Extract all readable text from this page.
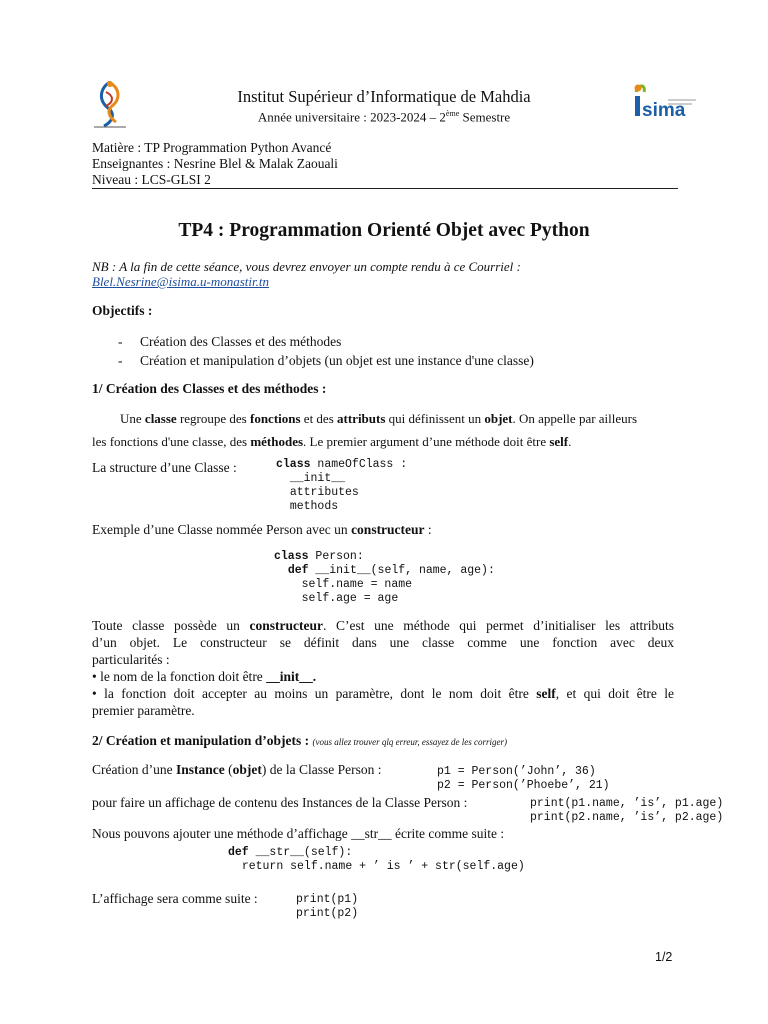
sima
Institut Supérieur d’Informatique de Mahdia
Année universitaire : 2023-2024 – 2ème Semestre
Matière : TP Programmation Python Avancé
Enseignantes : Nesrine Blel & Malak Zaouali
Niveau : LCS-GLSI 2
TP4 : Programmation Orienté Objet avec Python
NB : A la fin de cette séance, vous devrez envoyer un compte rendu à ce Courriel :
Blel.Nesrine@isima.u-monastir.tn
Objectifs :
- Création des Classes et des méthodes
- Création et manipulation d’objets (un objet est une instance d'une classe)
1/ Création des Classes et des méthodes :
Une classe regroupe des fonctions et des attributs qui définissent un objet. On appelle par ailleurs
les fonctions d'une classe, des méthodes. Le premier argument d’une méthode doit être self.
La structure d’une Classe :	class nameOfClass :
__init__
attributes
methods
Exemple d’une Classe nommée Person avec un constructeur :
class Person:
def __init__(self, name, age):
self.name = name
self.age = age
Toute classe possède un constructeur. C’est une méthode qui permet d’initialiser les attributs
d’un objet. Le constructeur se définit dans une classe comme une fonction avec deux
particularités :
• le nom de la fonction doit être __init__.
• la fonction doit accepter au moins un paramètre, dont le nom doit être self, et qui doit être le
premier paramètre.
2/ Création et manipulation d’objets : (vous allez trouver qlq erreur, essayez de les corriger)
Création d’une Instance (objet) de la Classe Person :	p1 = Person(’John’, 36)
p2 = Person(’Phoebe’, 21)
pour faire un affichage de contenu des Instances de la Classe Person :	print(p1.name, ’is’, p1.age)
print(p2.name, ’is’, p2.age)
Nous pouvons ajouter une méthode d’affichage __str__ écrite comme suite :
def __str__(self):
return self.name + ’ is ’ + str(self.age)
L’affichage sera comme suite :	print(p1)
print(p2)
1/2
